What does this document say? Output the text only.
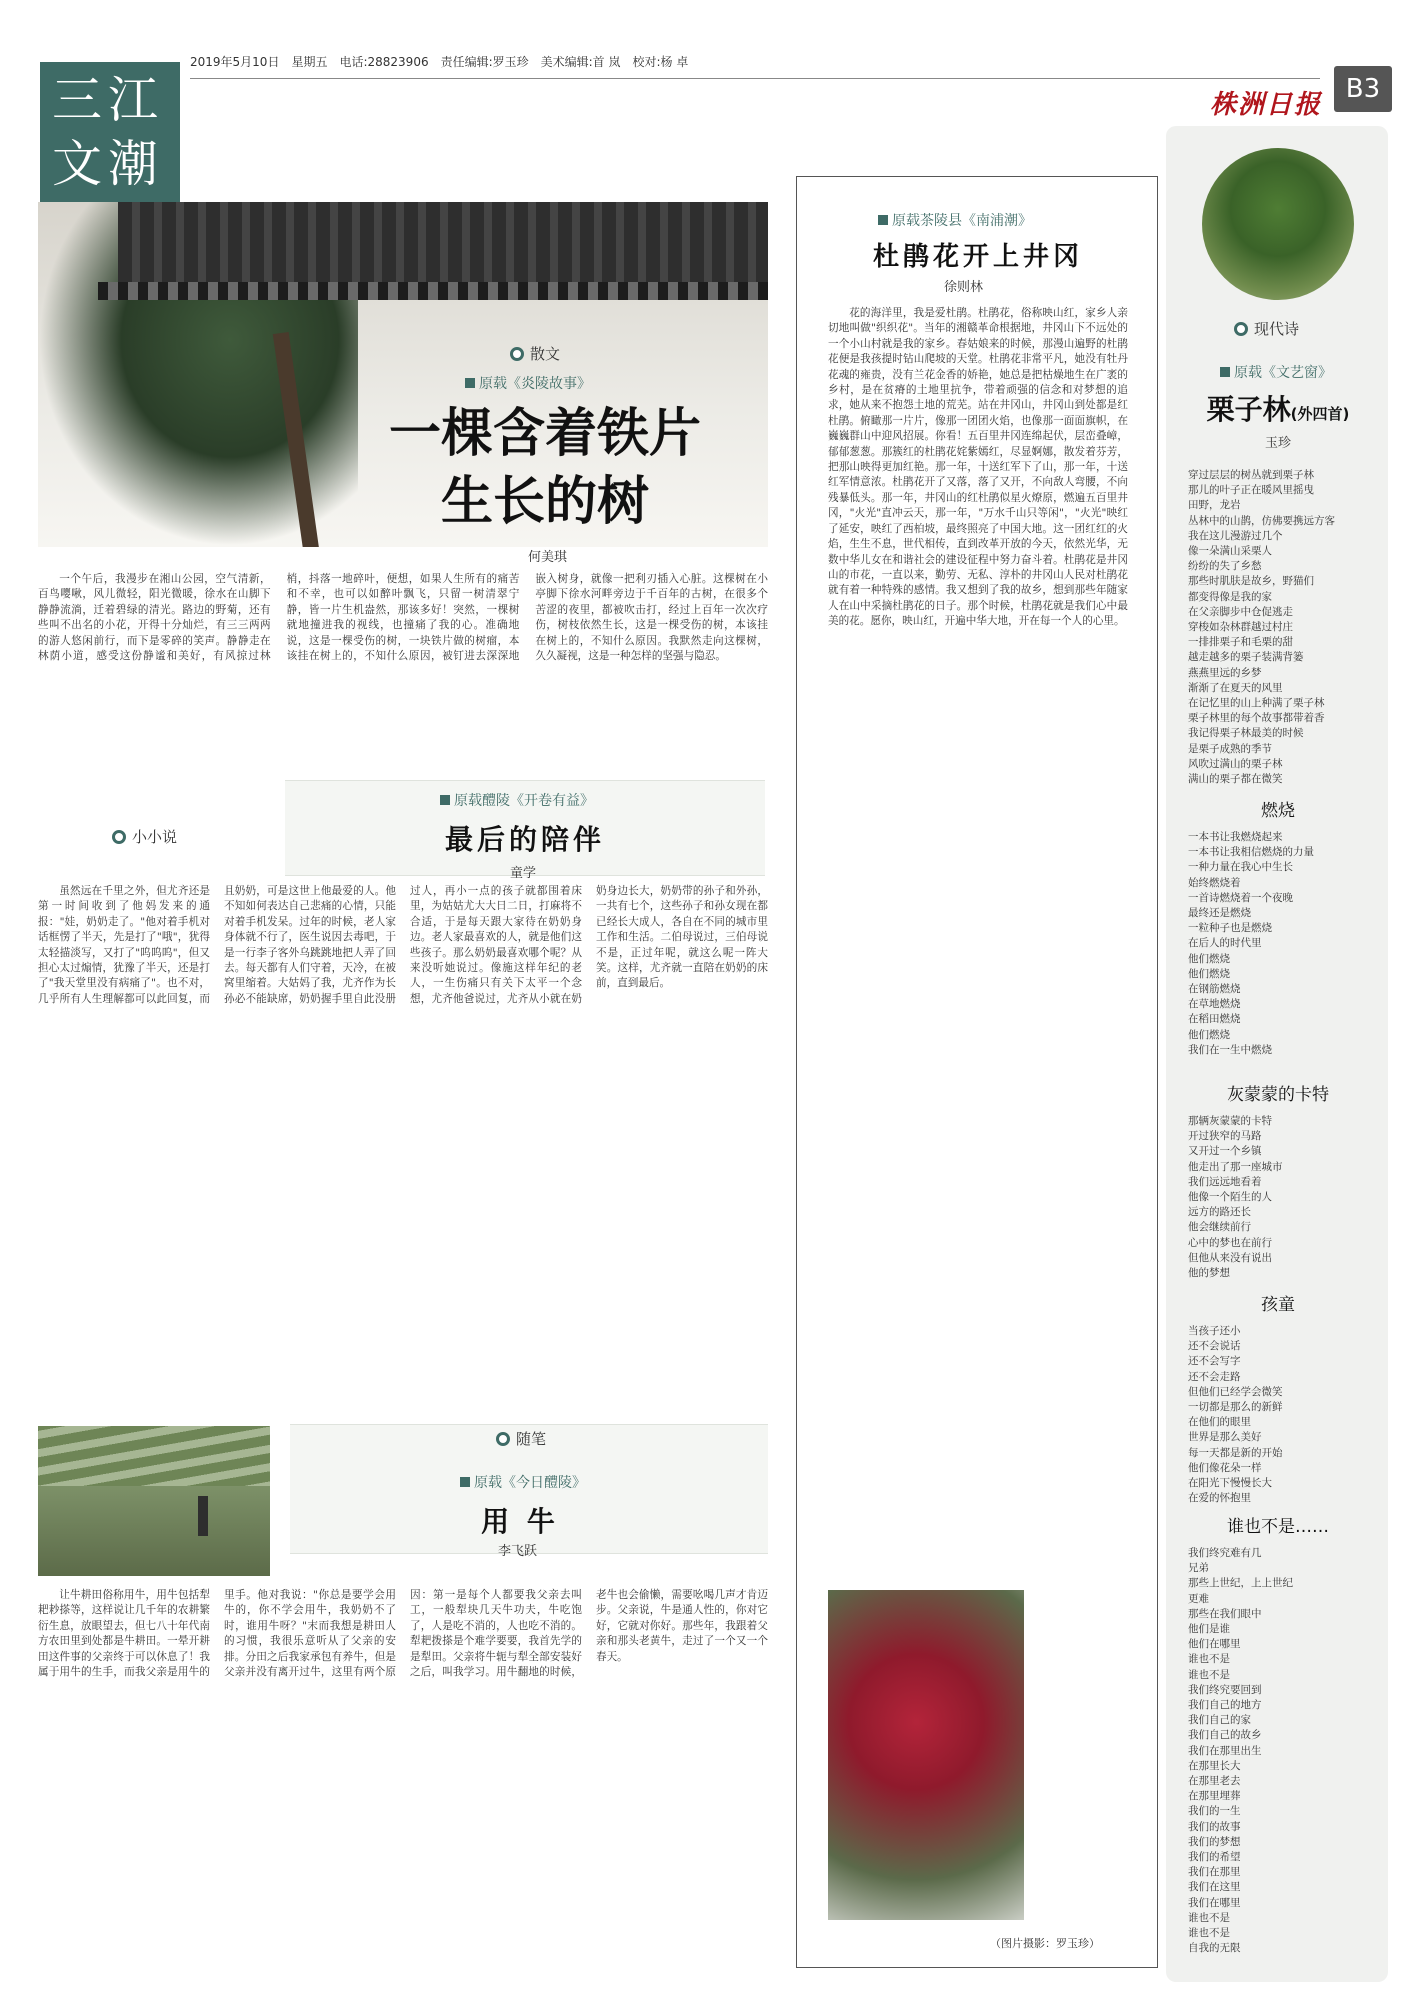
2019年5月10日 星期五 电话:28823906 责任编辑:罗玉珍 美术编辑:首 岚 校对:杨 卓
株洲日报
B3
三江文潮
散文
原载《炎陵故事》
一棵含着铁片
生长的树
何美琪

一个午后，我漫步在湘山公园，空气清新，百鸟嘤啾，风儿微轻，阳光微暖，徐水在山脚下静静流淌，迁着碧绿的清光。路边的野菊，还有些叫不出名的小花，开得十分灿烂，有三三两两的游人悠闲前行，而下是零碎的笑声。静静走在林荫小道，感受这份静谧和美好，有风掠过林梢，抖落一地碎叶，便想，如果人生所有的痛苦和不幸，也可以如醉叶飘飞，只留一树清翠宁静，皆一片生机盎然，那该多好！突然，一棵树就地撞进我的视线，也撞痛了我的心。准确地说，这是一棵受伤的树，一块铁片做的树瘤，本该挂在树上的，不知什么原因，被钉进去深深地嵌入树身，就像一把利刃插入心脏。这棵树在小亭脚下徐水河畔旁边于千百年的古树，在很多个苦涩的夜里，都被吹击打，经过上百年一次次疗伤，树枝依然生长，这是一棵受伤的树，本该挂在树上的，不知什么原因。我默然走向这棵树，久久凝视，这是一种怎样的坚强与隐忍。

小小说
原载醴陵《开卷有益》
最后的陪伴
童学

虽然远在千里之外，但尤齐还是第一时间收到了他妈发来的通报："娃，奶奶走了。"他对着手机对话框愣了半天，先是打了"哦"，犹得太轻描淡写，又打了"呜呜呜"，但又担心太过煽情，犹豫了半天，还是打了"我天堂里没有病痛了"。也不对，几乎所有人生理解都可以此回复，而且奶奶，可是这世上他最爱的人。他不知如何表达自己悲痛的心情，只能对着手机发呆。过年的时候，老人家身体就不行了，医生说因去毒吧，于是一行李子客外乌跳跳地把人弄了回去。每天都有人们守着，天冷，在被窝里缩着。大姑妈了我，尤齐作为长孙必不能缺席，奶奶握手里自此没册过人，再小一点的孩子就都围着床里，为姑姑尤大大日二日，打麻将不合适，于是每天跟大家待在奶奶身边。老人家最喜欢的人，就是他们这些孩子。那么奶奶最喜欢哪个呢？从来没听她说过。像施这样年纪的老人，一生伤痛只有关下太平一个念想，尤齐他爸说过，尤齐从小就在奶奶身边长大，奶奶带的孙子和外孙，一共有七个，这些孙子和孙女现在都已经长大成人，各自在不同的城市里工作和生活。二伯母说过，三伯母说不是，正过年呢，就这么呢一阵大笑。这样，尤齐就一直陪在奶奶的床前，直到最后。

随笔
原载《今日醴陵》
用 牛
李飞跃

让牛耕田俗称用牛，用牛包括犁耙耖搽等，这样说让几千年的农耕繁衍生息，放眼望去，但七八十年代南方农田里到处都是牛耕田。一晕开耕田这件事的父亲终于可以休息了！我属于用牛的生手，而我父亲是用牛的里手。他对我说："你总是要学会用牛的，你不学会用牛，我奶奶不了时，谁用牛呀？"末而我想是耕田人的习惯，我很乐意听从了父亲的安排。分田之后我家承包有养牛，但是父亲并没有离开过牛，这里有两个原因：第一是每个人都要我父亲去叫工，一般犁块几天牛功夫，牛吃饱了，人是吃不消的，人也吃不消的。犁耙拨搽是个难学要要，我首先学的是犁田。父亲将牛轭与犁全部安装好之后，叫我学习。用牛翻地的时候，老牛也会偷懒，需要吆喝几声才肯迈步。父亲说，牛是通人性的，你对它好，它就对你好。那些年，我跟着父亲和那头老黄牛，走过了一个又一个春天。

原载茶陵县《南浦潮》
杜鹃花开上井冈
徐则林

花的海洋里，我是爱杜鹃。杜鹃花，俗称映山红，家乡人亲切地叫做"织织花"。当年的湘赣革命根据地，井冈山下不远处的一个小山村就是我的家乡。春姑娘来的时候，那漫山遍野的杜鹃花便是我孩提时钻山爬坡的天堂。杜鹃花非常平凡，她没有牡丹花魂的雍贵，没有兰花金香的娇艳，她总是把枯燥地生在广袤的乡村，是在贫瘠的土地里抗争，带着顽强的信念和对梦想的追求，她从来不抱怨土地的荒芜。站在井冈山，井冈山到处都是红杜鹃。俯瞰那一片片，像那一团团火焰，也像那一面面旗帜，在巍巍群山中迎风招展。你看！五百里井冈连绵起伏，层峦叠嶂，郁郁葱葱。那簇红的杜鹃花姹紫嫣红，尽显婀娜，散发着芬芳，把那山映得更加红艳。那一年，十送红军下了山，那一年，十送红军情意浓。杜鹃花开了又落，落了又开，不向敌人弯腰，不向残暴低头。那一年，井冈山的红杜鹃似星火燎原，燃遍五百里井冈，"火光"直冲云天，那一年，"万水千山只等闲"，"火光"映红了延安，映红了西柏坡，最终照亮了中国大地。这一团红红的火焰，生生不息，世代相传，直到改革开放的今天，依然光华，无数中华儿女在和谐社会的建设征程中努力奋斗着。杜鹃花是井冈山的市花，一直以来，勤劳、无私、淳朴的井冈山人民对杜鹃花就有着一种特殊的感情。我又想到了我的故乡，想到那些年随家人在山中采摘杜鹃花的日子。那个时候，杜鹃花就是我们心中最美的花。愿你，映山红，开遍中华大地，开在每一个人的心里。

（图片摄影：罗玉珍）
现代诗
原载《文艺窗》
栗子林(外四首)
玉珍
穿过层层的树丛就到栗子林
那儿的叶子正在暖风里摇曳
田野，龙岩
丛林中的山鹊，仿佛要携远方客
我在这儿漫游过几个
像一朵满山采栗人
纷纷的失了乡愁
那些时肌肤是故乡，野猫们
都变得像是我的家
在父亲脚步中仓促逃走
穿梭如杂林群越过村庄
一排排栗子和毛栗的甜
越走越多的栗子装满背篓
燕燕里远的乡梦
渐渐了在夏天的风里
在记忆里的山上种满了栗子林
栗子林里的每个故事都带着香
我记得栗子林最美的时候
是栗子成熟的季节
风吹过满山的栗子林
满山的栗子都在微笑

燃烧
一本书让我燃烧起来
一本书让我相信燃烧的力量
一种力量在我心中生长
始终燃烧着
一首诗燃烧着一个夜晚
最终还是燃烧
一粒种子也是燃烧
在后人的时代里
他们燃烧
他们燃烧
在钢筋燃烧
在草地燃烧
在稻田燃烧
他们燃烧
我们在一生中燃烧
灰蒙蒙的卡特
那辆灰蒙蒙的卡特
开过狭窄的马路
又开过一个乡镇
他走出了那一座城市
我们远远地看着
他像一个陌生的人
远方的路还长
他会继续前行
心中的梦也在前行
但他从来没有说出
他的梦想

孩童
当孩子还小
还不会说话
还不会写字
还不会走路
但他们已经学会微笑
一切都是那么的新鲜
在他们的眼里
世界是那么美好
每一天都是新的开始
他们像花朵一样
在阳光下慢慢长大
在爱的怀抱里

谁也不是……
我们终究难有几
兄弟
那些上世纪，上上世纪
更难
那些在我们眼中
他们是谁
他们在哪里
谁也不是
谁也不是
我们终究要回到
我们自己的地方
我们自己的家
我们自己的故乡
我们在那里出生
在那里长大
在那里老去
在那里埋葬
我们的一生
我们的故事
我们的梦想
我们的希望
我们在那里
我们在这里
我们在哪里
谁也不是
谁也不是
自我的无限
